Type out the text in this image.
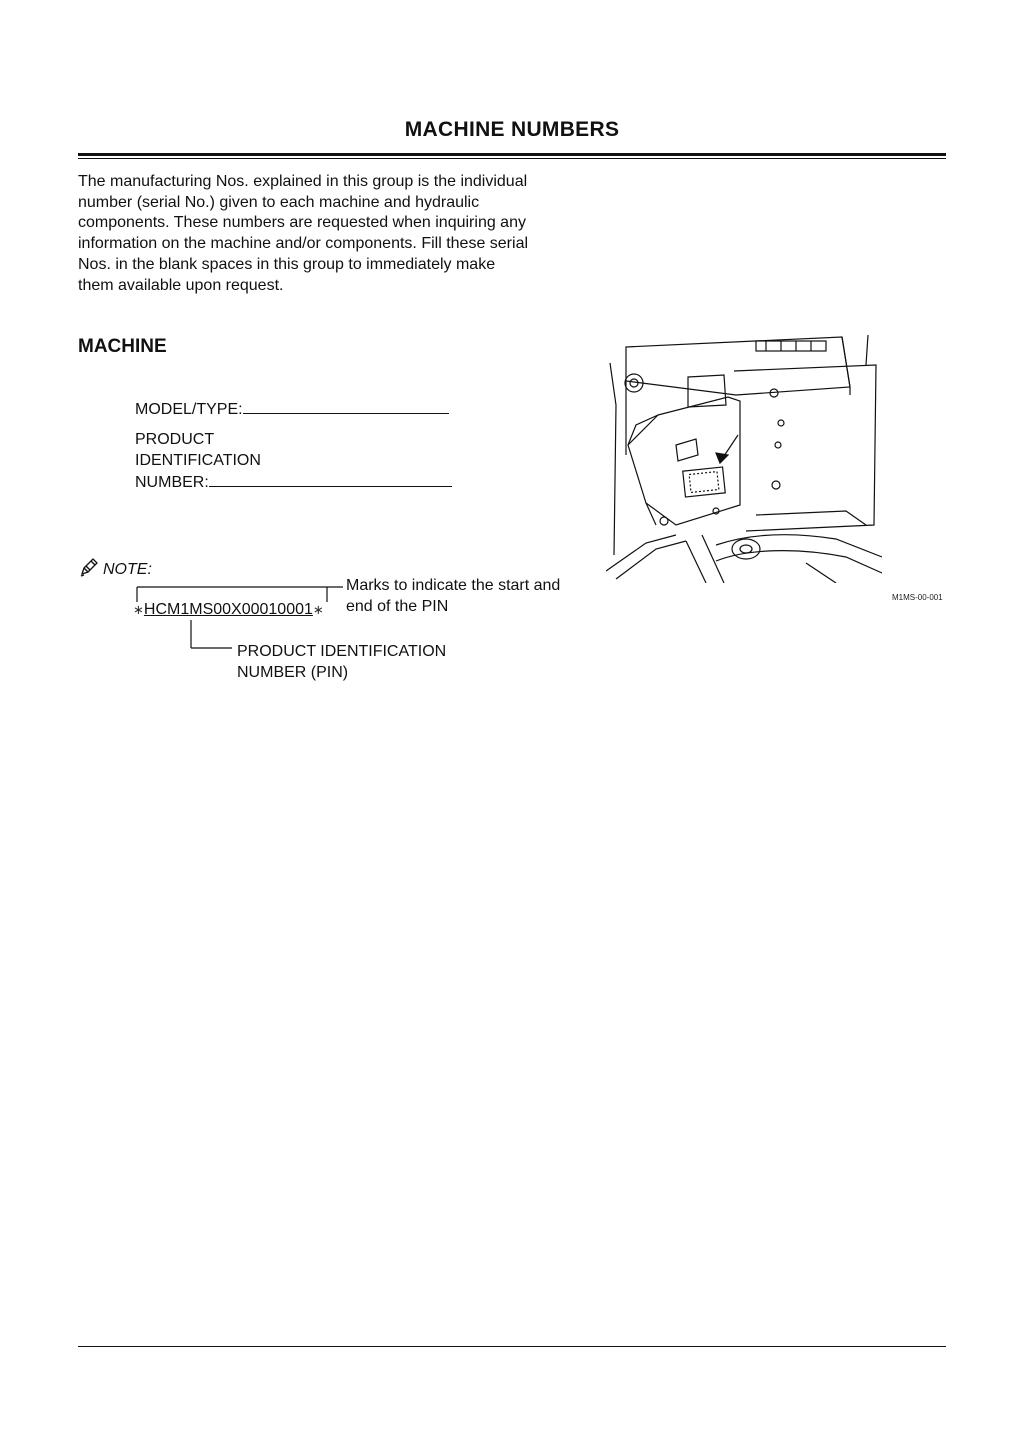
MACHINE NUMBERS

The manufacturing Nos. explained in this group is the individual number (serial No.) given to each machine and hydraulic components. These numbers are requested when inquiring any information on the machine and/or components. Fill these serial Nos. in the blank spaces in this group to immediately make them available upon request.

MACHINE
MODEL/TYPE:
PRODUCT
IDENTIFICATION
NUMBER:
NOTE:
∗HCM1MS00X00010001∗
Marks to indicate the start and
end of the PIN
PRODUCT IDENTIFICATION
NUMBER (PIN)
M1MS-00-001
